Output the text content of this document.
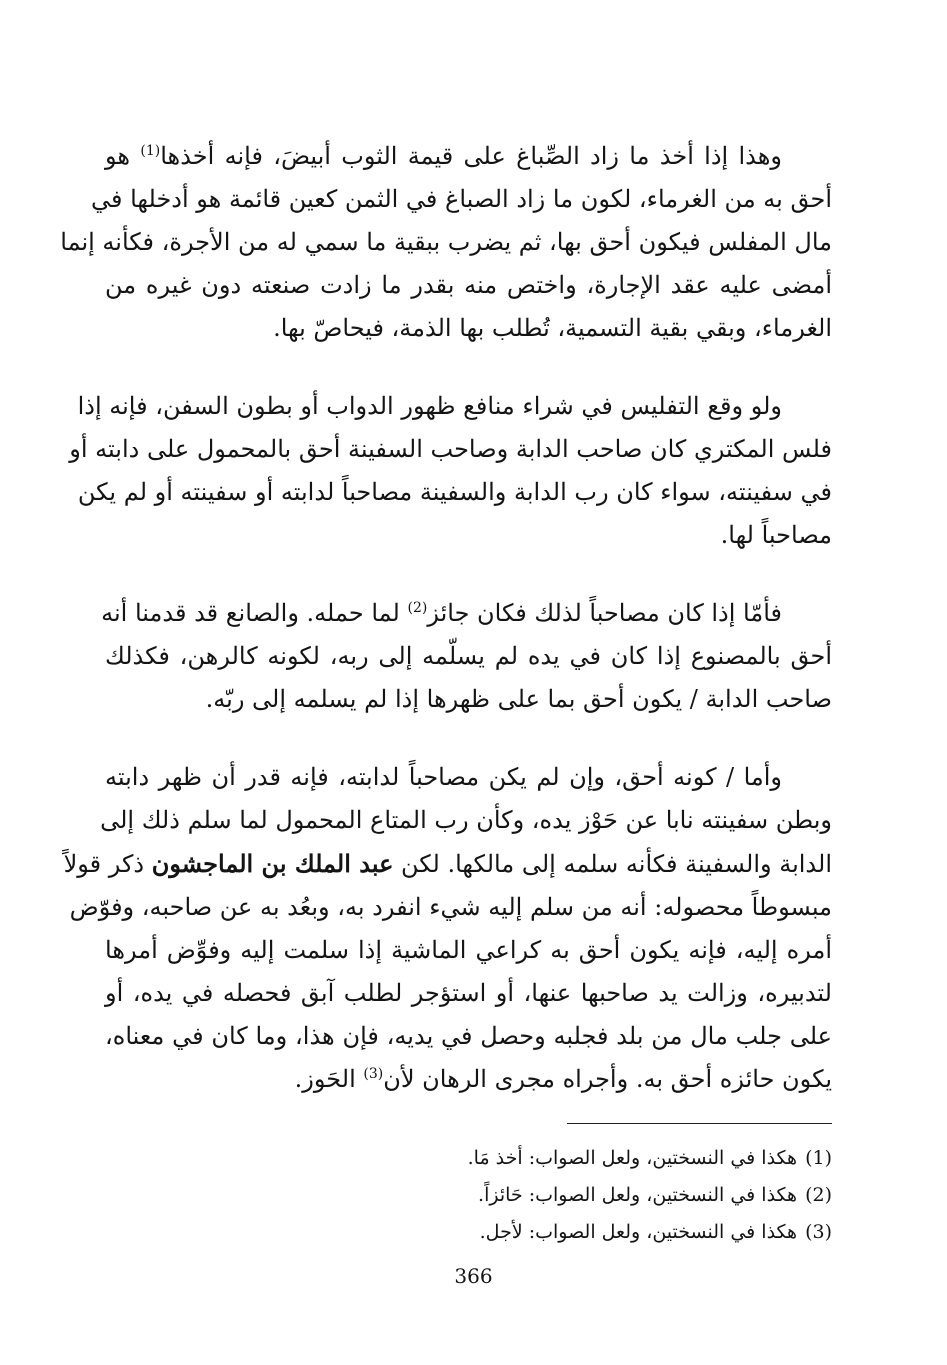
وهذا إذا أخذ ما زاد الصِّباغ على قيمة الثوب أبيضَ، فإنه أخذها$^{(1)}$ هو
أحق به من الغرماء، لكون ما زاد الصباغ في الثمن كعين قائمة هو أدخلها في
مال المفلس فيكون أحق بها، ثم يضرب ببقية ما سمي له من الأجرة، فكأنه إنما
أمضى عليه عقد الإجارة، واختص منه بقدر ما زادت صنعته دون غيره من
الغرماء، وبقي بقية التسمية، تُطلب بها الذمة، فيحاصّ بها.
ولو وقع التفليس في شراء منافع ظهور الدواب أو بطون السفن، فإنه إذا
فلس المكتري كان صاحب الدابة وصاحب السفينة أحق بالمحمول على دابته أو
في سفينته، سواء كان رب الدابة والسفينة مصاحباً لدابته أو سفينته أو لم يكن
مصاحباً لها.
فأمّا إذا كان مصاحباً لذلك فكان جائز$^{(2)}$ لما حمله. والصانع قد قدمنا أنه
أحق بالمصنوع إذا كان في يده لم يسلّمه إلى ربه، لكونه كالرهن، فكذلك
صاحب الدابة / يكون أحق بما على ظهرها إذا لم يسلمه إلى ربّه.
وأما / كونه أحق، وإن لم يكن مصاحباً لدابته، فإنه قدر أن ظهر دابته
وبطن سفينته نابا عن حَوْز يده، وكأن رب المتاع المحمول لما سلم ذلك إلى
الدابة والسفينة فكأنه سلمه إلى مالكها. لكن عبد الملك بن الماجشون ذكر قولاً
مبسوطاً محصوله: أنه من سلم إليه شيء انفرد به، وبعُد به عن صاحبه، وفوّض
أمره إليه، فإنه يكون أحق به كراعي الماشية إذا سلمت إليه وفوِّض أمرها
لتدبيره، وزالت يد صاحبها عنها، أو استؤجر لطلب آبق فحصله في يده، أو
على جلب مال من بلد فجلبه وحصل في يديه، فإن هذا، وما كان في معناه،
يكون حائزه أحق به. وأجراه مجرى الرهان لأن$^{(3)}$ الحَوز.
(1)هكذا في النسختين، ولعل الصواب: أخذ مَا.
(2)هكذا في النسختين، ولعل الصواب: حَائزاً.
(3)هكذا في النسختين، ولعل الصواب: لأجل.
366
